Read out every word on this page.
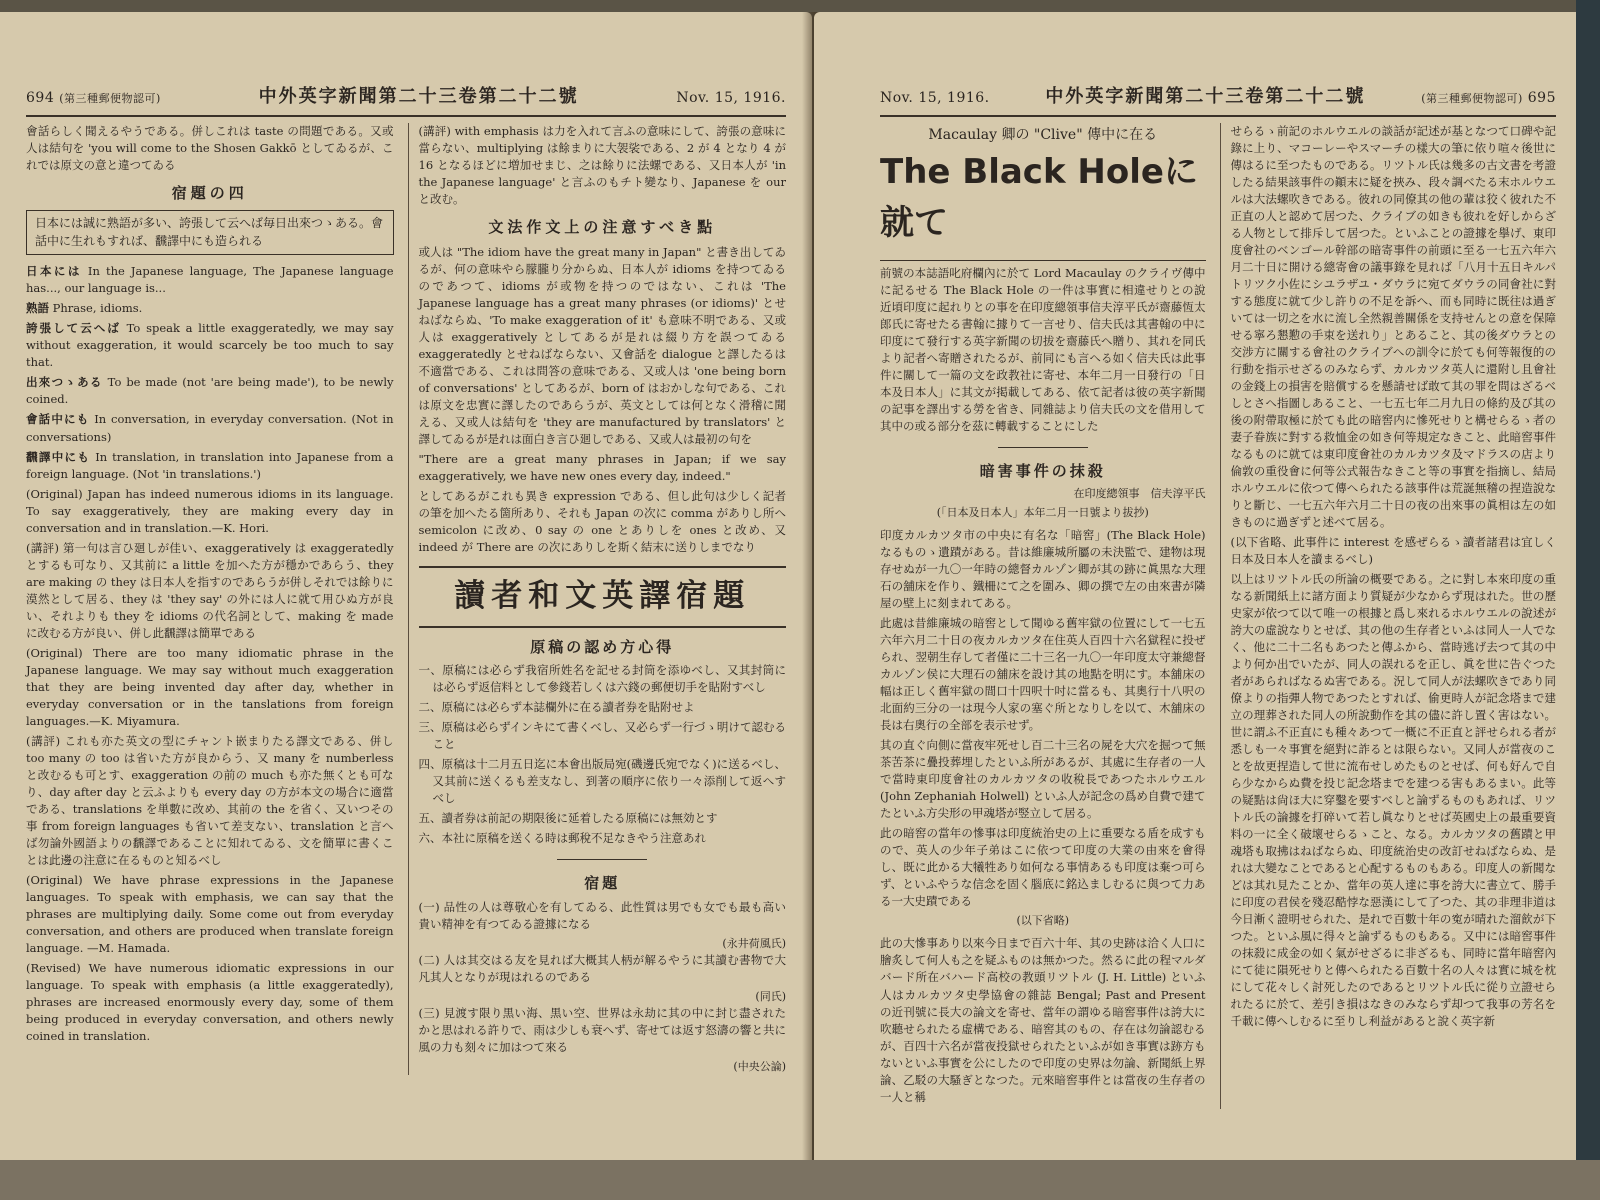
694 (第三種郵便物認可)	中外英字新聞第二十三卷第二十二號	Nov. 15, 1916.

會話らしく聞えるやうである。併しこれは taste の問題である。又或人は結句を 'you will come to the Shosen Gakkō としてゐるが、これでは原文の意と違つてゐる

宿題の四
日本には誠に熟語が多い、誇張して云へば毎日出來つゝある。會話中に生れもすれば、飜譯中にも造られる

日本には In the Japanese language, The Japanese language has..., our language is...

熟語 Phrase, idioms.

誇張して云へば To speak a little exaggeratedly, we may say without exaggeration, it would scarcely be too much to say that.

出來つゝある To be made (not 'are being made'), to be newly coined.

會話中にも In conversation, in everyday conversation. (Not in conversations)

飜譯中にも In translation, in translation into Japanese from a foreign language. (Not 'in translations.')

(Original) Japan has indeed numerous idioms in its language. To say exaggeratively, they are making every day in conversation and in translation.—K. Hori.

(講評) 第一句は言ひ廻しが佳い、exaggeratively は exaggeratedly とするも可なり、又其前に a little を加へた方が穩かであらう、they are making の they は日本人を指すのであらうが併しそれでは餘りに漠然として居る、they は 'they say' の外には人に就て用ひぬ方が良い、それよりも they を idioms の代名詞として、making を made に改むる方が良い、併し此飜譯は簡單である

(Original) There are too many idiomatic phrase in the Japanese language. We may say without much exaggeration that they are being invented day after day, whether in everyday conversation or in the tanslations from foreign languages.—K. Miyamura.

(講評) これも亦た英文の型にチャント嵌まりたる譯文である、併し too many の too は省いた方が良からう、又 many を numberless と改むるも可とす、exaggeration の前の much も亦た無くとも可なり、day after day と云ふよりも every day の方が本文の場合に適當である、translations を単數に改め、其前の the を省く、又いつその事 from foreign languages も省いて差支ない、translation と言へば勿論外國語よりの飜譯であることに知れてゐる、文を簡單に書くことは此邊の注意に在るものと知るべし

(Original) We have phrase expressions in the Japanese languages. To speak with emphasis, we can say that the phrases are multiplying daily. Some come out from everyday conversation, and others are produced when translate foreign language. —M. Hamada.

(Revised) We have numerous idiomatic expressions in our language. To speak with emphasis (a little exaggeratedly), phrases are increased enormously every day, some of them being produced in everyday conversation, and others newly coined in translation.

(講評) with emphasis は力を入れて言ふの意味にして、誇張の意味に當らない、multiplying は餘まりに大袈裟である、2 が 4 となり 4 が 16 となるほどに増加せまじ、之は餘りに法螺である、又日本人が 'in the Japanese language' と言ふのもチト變なり、Japanese を our と改む。

文法作文上の注意すべき點

或人は "The idiom have the great many in Japan" と書き出してゐるが、何の意味やら朦朧り分からぬ、日本人が idioms を持つてゐるのであつて、idioms が或物を持つのではない、これは 'The Japanese language has a great many phrases (or idioms)' とせねばならぬ、'To make exaggeration of it' も意味不明である、又或人は exaggeratively としてあるが是れは綴り方を誤つてゐる exaggeratedly とせねばならない、又會話を dialogue と譯したるは不適當である、これは問答の意味である、又或人は 'one being born of conversations' としてあるが、born of はおかしな句である、これは原文を忠實に譯したのであらうが、英文としては何となく滑稽に聞える、又或人は結句を 'they are manufactured by translators' と譯してゐるが是れは面白き言ひ廻しである、又或人は最初の句を

"There are a great many phrases in Japan; if we say exaggeratively, we have new ones every day, indeed."

としてあるがこれも異き expression である、但し此句は少しく記者の筆を加へたる箇所あり、それも Japan の次に comma がありし所へ semicolon に改め、0 say の one とありしを ones と改め、又 indeed が There are の次にありしを斯く結末に送りしまでなり

讀者和文英譯宿題
原稿の認め方心得

一、原稿には必らず我宿所姓名を記せる封筒を添ゆべし、又其封筒には必らず返信料として參錢若しくは六錢の郵便切手を貼附すべし

二、原稿には必らず本誌欄外に在る讀者券を貼附せよ

三、原稿は必らずインキにて書くべし、又必らず一行づゝ明けて認むること

四、原稿は十二月五日迄に本會出版局宛(磯邊氏宛でなく)に送るべし、又其前に送くるも差支なし、到著の順序に依り一々添削して返へすべし

五、讀者券は前記の期限後に延着したる原稿には無効とす

六、本社に原稿を送くる時は郵稅不足なきやう注意あれ

宿題

(一) 品性の人は尊敬心を有してゐる、此性質は男でも女でも最も高い貴い精神を有つてゐる證據になる

(永井荷風氏)

(二) 人は其交はる友を見れば大概其人柄が解るやうに其讀む書物で大凡其人となりが現はれるのである

(同氏)

(三) 見渡す限り黒い海、黒い空、世界は永劫に其の中に封じ盡されたかと思はれる許りで、雨は少しも衰へず、寄せては返す怒濤の響と共に風の力も刻々に加はつて來る

(中央公論)
Nov. 15, 1916.	中外英字新聞第二十三卷第二十二號	(第三種郵便物認可) 695
Macaulay 卿の "Clive" 傳中に在る
The Black Holeに就て

前號の本誌語叱府欄內に於て Lord Macaulay のクライヴ傳中に記るせる The Black Hole の一件は事實に相違せりとの說近頃印度に起れりとの事を在印度總領事信夫淳平氏が齋藤恆太郎氏に寄せたる書翰に據りて一言せり、信夫氏は其書翰の中に印度にて發行する英字新聞の切拔を齋藤氏へ贈り、其れを同氏より記者へ寄贈されたるが、前同にも言へる如く信夫氏は此事件に關して一篇の文を政教社に寄せ、本年二月一日發行の「日本及日本人」に其文が掲載してある、依て記者は彼の英字新聞の記事を譯出する勞を省き、同雜誌より信夫氏の文を借用して其中の或る部分を茲に轉載することにした

暗害事件の抹殺
在印度總領事　信夫淳平氏
(「日本及日本人」本年二月一日號より拔抄)

印度カルカツタ市の中央に有名な「暗窖」(The Black Hole) なるものゝ遺蹟がある。昔は維廉城所屬の未決監で、建物は現存せぬが一九〇一年時の總督カルゾン卿が其の跡に眞黒な大理石の舖床を作り、鐵柵にて之を圍み、卿の撰で左の由來書が隣屋の壁上に刻まれてある。

此處は昔維廉城の暗窖として聞ゆる舊牢獄の位置にして一七五六年六月二十日の夜カルカツタ在住英人百四十六名獄程に投ぜられ、翌朝生存して者僅に二十三名一九〇一年印度太守兼總督カルゾン侯に大理石の舖床を設け其の地點を明にす。本舖床の幅は正しく舊牢獄の間口十四呎十吋に當るも、其奧行十八呎の北面約三分の一は現今人家の塞ぐ所となりしを以て、木舖床の長は右奧行の全部を表示せず。

其の直ぐ向側に當夜牢死せし百二十三名の屍を大穴を掘つて無茶苦茶に疊投葬埋したといふ所があるが、其處に生存者の一人で當時東印度會社のカルカツタの收稅長であつたホルウエル (John Zephaniah Holwell) といふ人が記念の爲め自費で建てたといふ方尖形の甲魂塔が竪立して居る。

此の暗窖の當年の慘事は印度統治史の上に重要なる盾を成すもので、英人の少年子弟はこに依つて印度の大業の由來を會得し、既に此かる大犧牲あり如何なる事情あるも印度は棄つ可らず、といふやうな信念を固く腦底に銘込ましむるに與つて力ある一大史蹟である

(以下省略)

此の大慘事あり以來今日まで百六十年、其の史跡は洽く人口に膾炙して何人も之を疑ふものは無かつた。然るに此の程マルダバード所在バハード高校の教頭リツトル (J. H. Little) といふ人はカルカツタ史學協會の雜誌 Bengal; Past and Present の近刊號に長大の論文を寄せ、當年の謂ゆる暗窖事件は誇大に吹聽せられたる虛構である、暗窖其のもの、存在は勿論認むるが、百四十六名が當夜投獄せられたといふが如き事實は跡方もないといふ事實を公にしたので印度の史界は勿論、新聞紙上界論、乙駁の大騷ぎとなつた。元來暗窖事件とは當夜の生存者の一人と稱

せらるゝ前記のホルウエルの談話が記述が基となつて口碑や記錄に上り、マコーレーやスマーチの樣大の筆に依り喧々後世に傳はるに至つたものである。リツトル氏は幾多の古文書を考證したる結果該事件の顚末に疑を挾み、段々調べたる末ホルウエルは大法螺吹きである。彼れの同僚其の他の輩は狡く彼れた不正直の人と認めて居つた、クライブの如きも彼れを好しからざる人物として排斥して居つた。といふことの證據を擧げ、東印度會社のベンゴール幹部の暗寄事件の前頭に至る一七五六年六月二十日に開ける總寄會の議事錄を見れば「八月十五日キルパトリツク小佐にシユラザユ・ダウラに宛てダウラの同會社に對する態度に就て少し許りの不足を訴へ、而も同時に既往は過ぎいては一切之を水に流し全然親善關係を支持せんとの意を保障せる寧ろ懇懃の手束を送れり」とあること、其の後ダウラとの交涉方に關する會社のクライブへの訓令に於ても何等報復的の行動を指示せざるのみならず、カルカツタ英人に還附し且會社の金錢上の損害を賠償するを懸請せば敢て其の罪を問はざるべしとさへ指圖しあること、一七五七年二月九日の條約及び其の後の附帶取極に於ても此の暗窖内に慘死せりと構せらるゝ者の妻子眷族に對する救恤金の如き何等規定なきこと、此暗窖事件なるものに就ては東印度會社のカルカツタ及マドラスの店より倫敦の重役會に何等公式報告なきこと等の事實を指摘し、結局ホルウエルに依つて傳へられたる該事件は荒誕無稽の捏造說なりと斷じ、一七五六年六月二十日の夜の出來事の眞相は左の如きものに過ぎずと述べて居る。

(以下省略、此事件に interest を感ぜらるゝ讀者諸君は宜しく日本及日本人を讀まるべし)

以上はリツトル氏の所論の概要である。之に對し本來印度の重なる新聞紙上に諸方面より質疑が少なからず現はれた。世の歷史家が依つて以て唯一の根據と爲し來れるホルウエルの說述が誇大の虛說なりとせば、其の他の生存者といふは同人一人でなく、他に二十二名もあつたと傳ふから、當時逃げ去つて其の中より何か出でいたが、同人の誤れるを正し、眞を世に告ぐつた者があらればなるぬ害である。況して同人が法螺吹きであり同僚よりの指彈人物であつたとすれば、偷更時人が記念塔まで建立の理葬された同人の所說動作を其の儘に許し置く害はない。世に謂ふ不正直にも種々あつて一概に不正直と評せられる者が悉しも一々事實を絕對に詐るとは限らない。又同人が當夜のことを故更捏造して世に流布せしめたものとせば、何も好んで自ら少なからぬ費を投じ記念塔までを建つる害もあるまい。此等の疑點は尙ほ大に穿鑿を要すべしと論ずるものもあれば、リツトル氏の論據を打碎いて若し眞なりとせば英國史上の最重要資料の一に全く破壞せらるゝこと、なる。カルカツタの舊蹟と甲魂塔も取拂はねばならぬ、印度統治史の改訂せねばならぬ、是れは大變なことであると心配するものもある。印度人の新聞などは其れ見たことか、當年の英人達に事を誇大に書立て、勝手に印度の君侯を殘忍酷悖な惡漢にして了つた、其の非理非道は今日漸く證明せられた、是れで百數十年の寃が晴れた溜飮が下つた。といふ風に得々と論ずるものもある。又中には暗窖事件の抹殺に成金の如く氣がせざるに非ざるも、同時に當年暗窖內にて徒に隕死せりと傳へられたる百數十名の人々は實に城を枕にして花々しく討死したのであるとリツトル氏に從り立證せられたるに於て、差引き損はなきのみならず却つて我事の芳名を千載に傳へしむるに至りし利益があると說く英字新
